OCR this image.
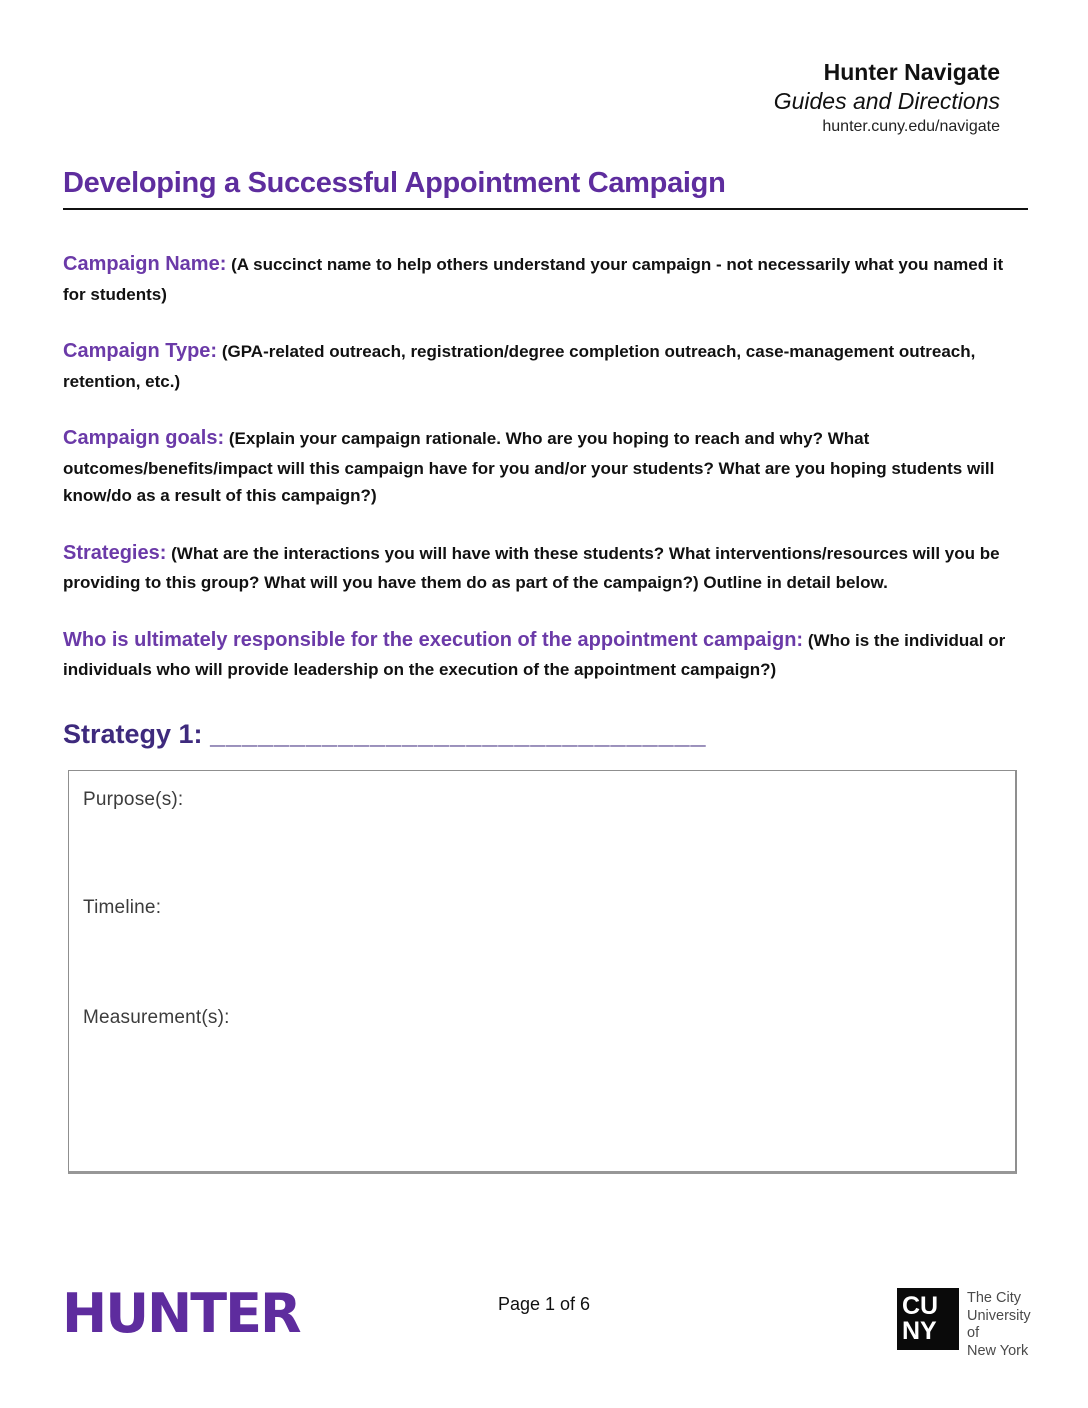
Hunter Navigate
Guides and Directions
hunter.cuny.edu/navigate
Developing a Successful Appointment Campaign
Campaign Name: (A succinct name to help others understand your campaign - not necessarily what you named it for students)
Campaign Type: (GPA-related outreach, registration/degree completion outreach, case-management outreach, retention, etc.)
Campaign goals: (Explain your campaign rationale. Who are you hoping to reach and why? What outcomes/benefits/impact will this campaign have for you and/or your students? What are you hoping students will know/do as a result of this campaign?)
Strategies: (What are the interactions you will have with these students? What interventions/resources will you be providing to this group? What will you have them do as part of the campaign?) Outline in detail below.
Who is ultimately responsible for the execution of the appointment campaign: (Who is the individual or individuals who will provide leadership on the execution of the appointment campaign?)
Strategy 1: _______________________________
Purpose(s):
Timeline:
Measurement(s):
HUNTER	Page 1 of 6	CU
NY
The City
University
of
New York
